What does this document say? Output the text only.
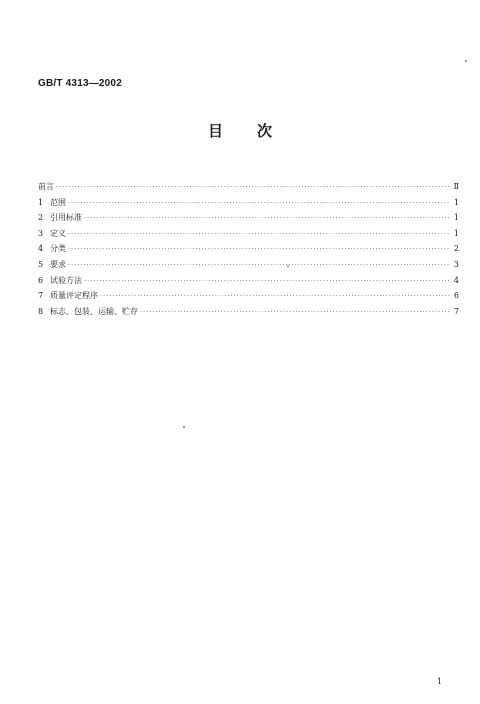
GB/T 4313—2002
目 次
前言 ·····	Ⅱ
1 范围 ·····	1
2 引用标准 ·····	1
3 定义 ·····	1
4 分类 ·····	2
5 要求 ·····	3
6 试验方法 ·····	4
7 质量评定程序 ·····	6
8 标志、包装、运输、贮存 ·····	7
1
